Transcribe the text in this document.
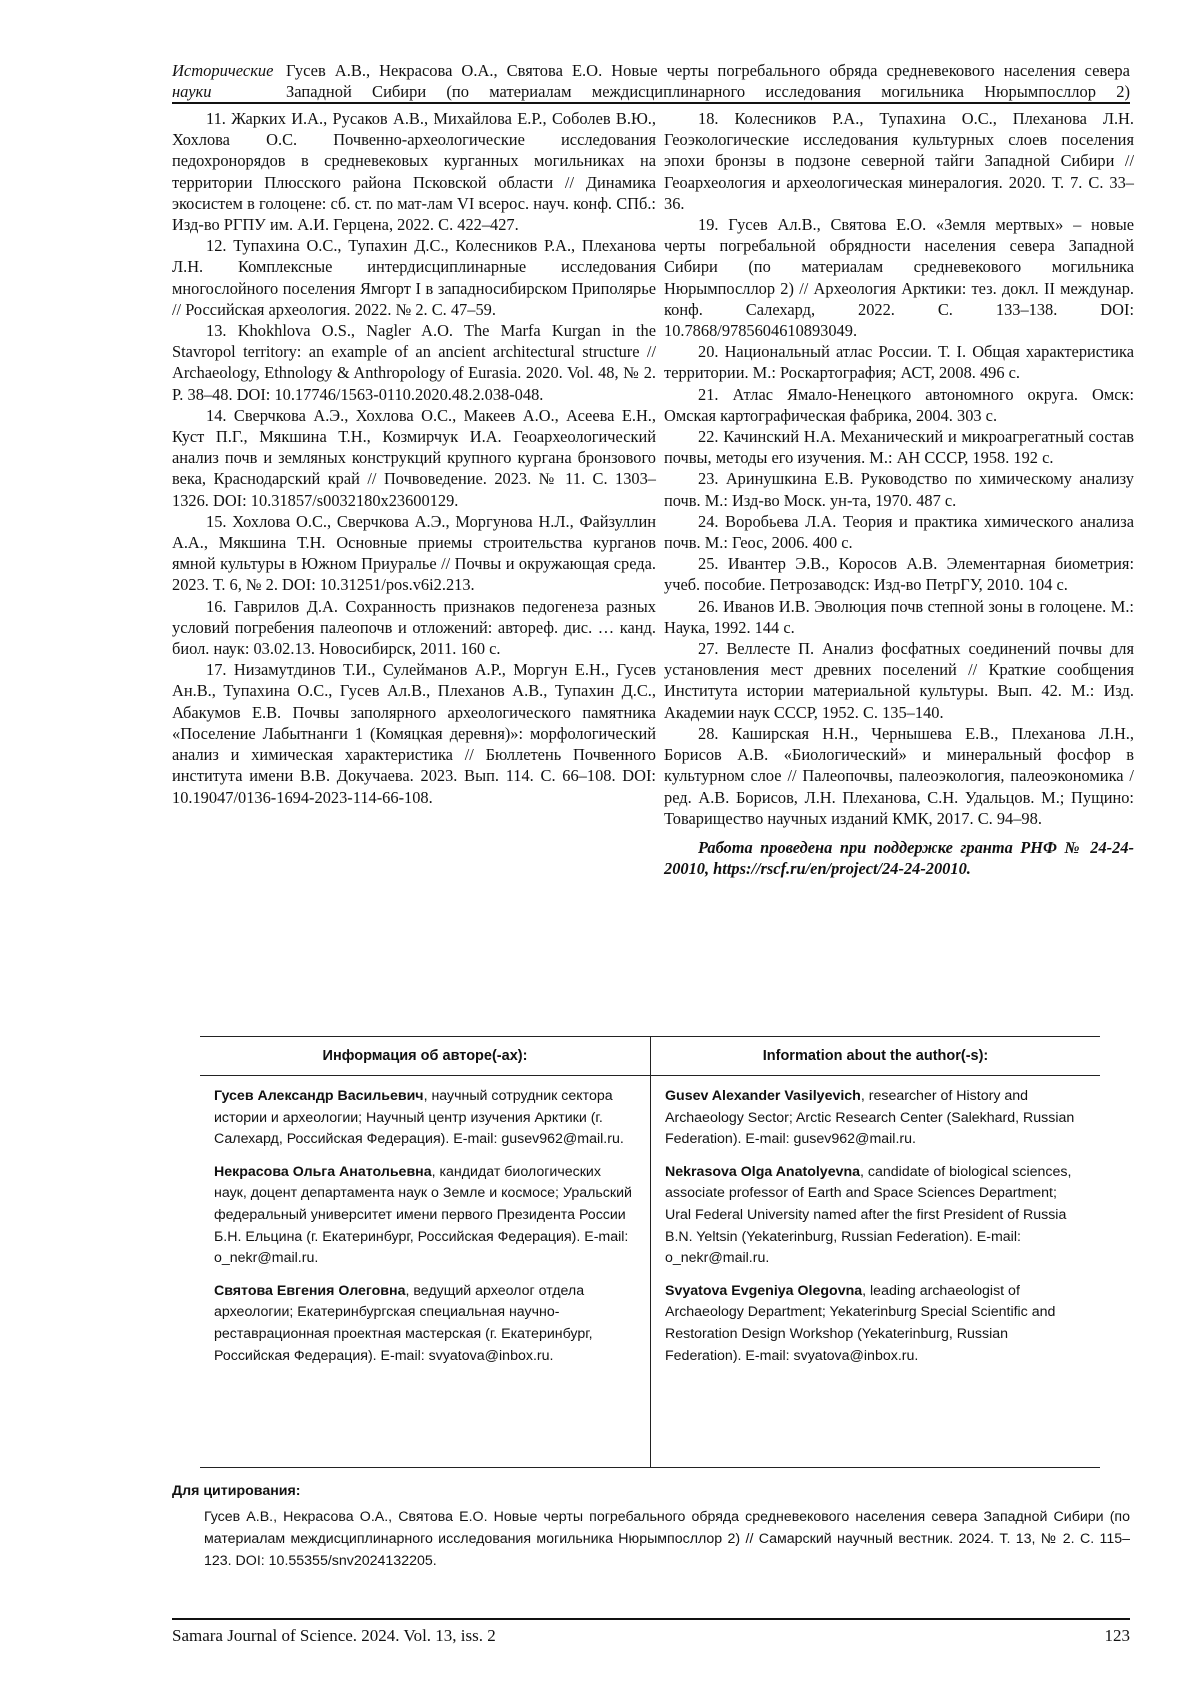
Исторические науки
Гусев А.В., Некрасова О.А., Святова Е.О. Новые черты погребального обряда средневекового населения севера Западной Сибири (по материалам междисциплинарного исследования могильника Нюрымпосллор 2)

11. Жарких И.А., Русаков А.В., Михайлова Е.Р., Соболев В.Ю., Хохлова О.С. Почвенно-археологические исследования педохронорядов в средневековых курганных могильниках на территории Плюсского района Псковской области // Динамика экосистем в голоцене: сб. ст. по мат-лам VI всерос. науч. конф. СПб.: Изд-во РГПУ им. А.И. Герцена, 2022. С. 422–427.

12. Тупахина О.С., Тупахин Д.С., Колесников Р.А., Плеханова Л.Н. Комплексные интердисциплинарные исследования многослойного поселения Ямгорт I в западносибирском Приполярье // Российская археология. 2022. № 2. С. 47–59.

13. Khokhlova O.S., Nagler A.O. The Marfa Kurgan in the Stavropol territory: an example of an ancient architectural structure // Archaeology, Ethnology & Anthropology of Eurasia. 2020. Vol. 48, № 2. P. 38–48. DOI: 10.17746/1563-0110.2020.48.2.038-048.

14. Сверчкова А.Э., Хохлова О.С., Макеев А.О., Асеева Е.Н., Куст П.Г., Мякшина Т.Н., Козмирчук И.А. Геоархеологический анализ почв и земляных конструкций крупного кургана бронзового века, Краснодарский край // Почвоведение. 2023. № 11. С. 1303–1326. DOI: 10.31857/s0032180x23600129.

15. Хохлова О.С., Сверчкова А.Э., Моргунова Н.Л., Файзуллин А.А., Мякшина Т.Н. Основные приемы строительства курганов ямной культуры в Южном Приуралье // Почвы и окружающая среда. 2023. Т. 6, № 2. DOI: 10.31251/pos.v6i2.213.

16. Гаврилов Д.А. Сохранность признаков педогенеза разных условий погребения палеопочв и отложений: автореф. дис. … канд. биол. наук: 03.02.13. Новосибирск, 2011. 160 с.

17. Низамутдинов Т.И., Сулейманов А.Р., Моргун Е.Н., Гусев Ан.В., Тупахина О.С., Гусев Ал.В., Плеханов А.В., Тупахин Д.С., Абакумов Е.В. Почвы заполярного археологического памятника «Поселение Лабытнанги 1 (Комяцкая деревня)»: морфологический анализ и химическая характеристика // Бюллетень Почвенного института имени В.В. Докучаева. 2023. Вып. 114. С. 66–108. DOI: 10.19047/0136-1694-2023-114-66-108.

18. Колесников Р.А., Тупахина О.С., Плеханова Л.Н. Геоэкологические исследования культурных слоев поселения эпохи бронзы в подзоне северной тайги Западной Сибири // Геоархеология и археологическая минералогия. 2020. Т. 7. С. 33–36.

19. Гусев Ал.В., Святова Е.О. «Земля мертвых» – новые черты погребальной обрядности населения севера Западной Сибири (по материалам средневекового могильника Нюрымпосллор 2) // Археология Арктики: тез. докл. II междунар. конф. Салехард, 2022. С. 133–138. DOI: 10.7868/9785604610893049.

20. Национальный атлас России. Т. I. Общая характеристика территории. М.: Роскартография; АСТ, 2008. 496 с.

21. Атлас Ямало-Ненецкого автономного округа. Омск: Омская картографическая фабрика, 2004. 303 с.

22. Качинский Н.А. Механический и микроагрегатный состав почвы, методы его изучения. М.: АН СССР, 1958. 192 с.

23. Аринушкина Е.В. Руководство по химическому анализу почв. М.: Изд-во Моск. ун-та, 1970. 487 с.

24. Воробьева Л.А. Теория и практика химического анализа почв. М.: Геос, 2006. 400 с.

25. Ивантер Э.В., Коросов А.В. Элементарная биометрия: учеб. пособие. Петрозаводск: Изд-во ПетрГУ, 2010. 104 с.

26. Иванов И.В. Эволюция почв степной зоны в голоцене. М.: Наука, 1992. 144 с.

27. Веллесте П. Анализ фосфатных соединений почвы для установления мест древних поселений // Краткие сообщения Института истории материальной культуры. Вып. 42. М.: Изд. Академии наук СССР, 1952. С. 135–140.

28. Каширская Н.Н., Чернышева Е.В., Плеханова Л.Н., Борисов А.В. «Биологический» и минеральный фосфор в культурном слое // Палеопочвы, палеоэкология, палеоэкономика / ред. А.В. Борисов, Л.Н. Плеханова, С.Н. Удальцов. М.; Пущино: Товарищество научных изданий КМК, 2017. С. 94–98.

Работа проведена при поддержке гранта РНФ № 24-24-20010, https://rscf.ru/en/project/24-24-20010.

Информация об авторе(-ах):
Гусев Александр Васильевич, научный сотрудник сектора истории и археологии; Научный центр изучения Арктики (г. Салехард, Российская Федерация). E-mail: gusev962@mail.ru.
Некрасова Ольга Анатольевна, кандидат биологических наук, доцент департамента наук о Земле и космосе; Уральский федеральный университет имени первого Президента России Б.Н. Ельцина (г. Екатеринбург, Российская Федерация). E-mail: o_nekr@mail.ru.
Святова Евгения Олеговна, ведущий археолог отдела археологии; Екатеринбургская специальная научно-реставрационная проектная мастерская (г. Екатеринбург, Российская Федерация). E-mail: svyatova@inbox.ru.
Information about the author(-s):
Gusev Alexander Vasilyevich, researcher of History and Archaeology Sector; Arctic Research Center (Salekhard, Russian Federation). E-mail: gusev962@mail.ru.
Nekrasova Olga Anatolyevna, candidate of biological sciences, associate professor of Earth and Space Sciences Department; Ural Federal University named after the first President of Russia B.N. Yeltsin (Yekaterinburg, Russian Federation). E-mail: o_nekr@mail.ru.
Svyatova Evgeniya Olegovna, leading archaeologist of Archaeology Department; Yekaterinburg Special Scientific and Restoration Design Workshop (Yekaterinburg, Russian Federation). E-mail: svyatova@inbox.ru.
Для цитирования:
Гусев А.В., Некрасова О.А., Святова Е.О. Новые черты погребального обряда средневекового населения севера Западной Сибири (по материалам междисциплинарного исследования могильника Нюрымпосллор 2) // Самарский научный вестник. 2024. Т. 13, № 2. С. 115–123. DOI: 10.55355/snv2024132205.
Samara Journal of Science. 2024. Vol. 13, iss. 2	123
